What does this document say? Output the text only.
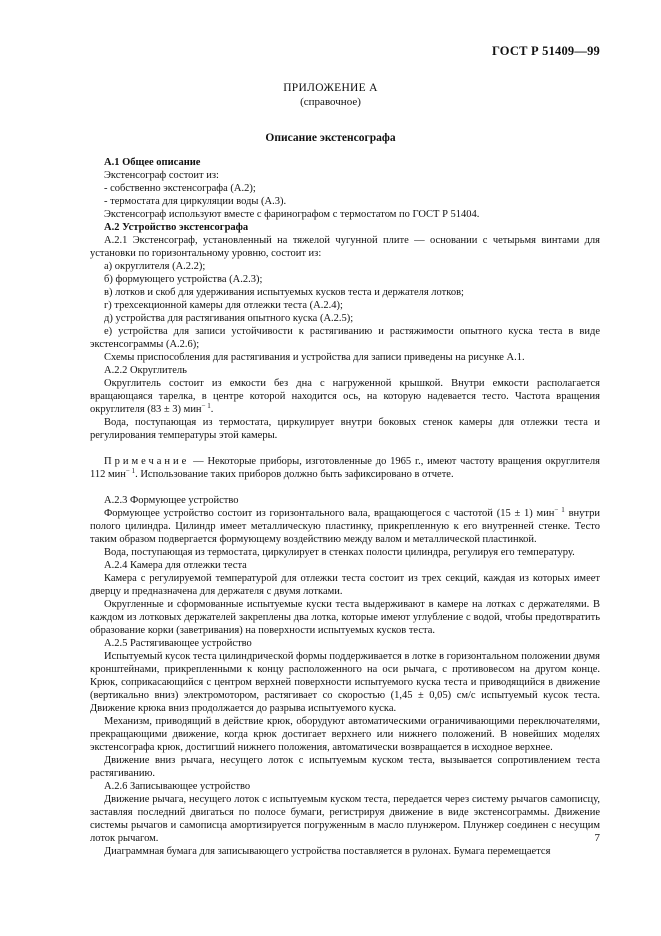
ГОСТ Р 51409—99
ПРИЛОЖЕНИЕ А
(справочное)
Описание экстенсографа

А.1 Общее описание

Экстенсограф состоит из:

- собственно экстенсографа (А.2);

- термостата для циркуляции воды (А.3).

Экстенсограф используют вместе с фаринографом с термостатом по ГОСТ Р 51404.

А.2 Устройство экстенсографа

А.2.1 Экстенсограф, установленный на тяжелой чугунной плите — основании с четырьмя винтами для установки по горизонтальному уровню, состоит из:

а) округлителя (А.2.2);

б) формующего устройства (А.2.3);

в) лотков и скоб для удерживания испытуемых кусков теста и держателя лотков;

г) трехсекционной камеры для отлежки теста (А.2.4);

д) устройства для растягивания опытного куска (А.2.5);

е) устройства для записи устойчивости к растягиванию и растяжимости опытного куска теста в виде экстенсограммы (А.2.6);

Схемы приспособления для растягивания и устройства для записи приведены на рисунке А.1.

А.2.2 Округлитель

Округлитель состоит из емкости без дна с нагруженной крышкой. Внутри емкости располагается вращающаяся тарелка, в центре которой находится ось, на которую надевается тесто. Частота вращения округлителя (83 ± 3) мин$^{- 1}$.

Вода, поступающая из термостата, циркулирует внутри боковых стенок камеры для отлежки теста и регулирования температуры этой камеры.

Примечание — Некоторые приборы, изготовленные до 1965 г., имеют частоту вращения округлителя 112 мин$^{- 1}$. Использование таких приборов должно быть зафиксировано в отчете.

А.2.3 Формующее устройство

Формующее устройство состоит из горизонтального вала, вращающегося с частотой (15 ± 1) мин$^{- 1}$ внутри полого цилиндра. Цилиндр имеет металлическую пластинку, прикрепленную к его внутренней стенке. Тесто таким образом подвергается формующему воздействию между валом и металлической пластинкой.

Вода, поступающая из термостата, циркулирует в стенках полости цилиндра, регулируя его температуру.

А.2.4 Камера для отлежки теста

Камера с регулируемой температурой для отлежки теста состоит из трех секций, каждая из которых имеет дверцу и предназначена для держателя с двумя лотками.

Округленные и сформованные испытуемые куски теста выдерживают в камере на лотках с держателями. В каждом из лотковых держателей закреплены два лотка, которые имеют углубление с водой, чтобы предотвратить образование корки (заветривания) на поверхности испытуемых кусков теста.

А.2.5 Растягивающее устройство

Испытуемый кусок теста цилиндрической формы поддерживается в лотке в горизонтальном положении двумя кронштейнами, прикрепленными к концу расположенного на оси рычага, с противовесом на другом конце. Крюк, соприкасающийся с центром верхней поверхности испытуемого куска теста и приводящийся в движение (вертикально вниз) электромотором, растягивает со скоростью (1,45 ± 0,05) см/с испытуемый кусок теста. Движение крюка вниз продолжается до разрыва испытуемого куска.

Механизм, приводящий в действие крюк, оборудуют автоматическими ограничивающими переключателями, прекращающими движение, когда крюк достигает верхнего или нижнего положений. В новейших моделях экстенсографа крюк, достигший нижнего положения, автоматически возвращается в исходное верхнее.

Движение вниз рычага, несущего лоток с испытуемым куском теста, вызывается сопротивлением теста растягиванию.

А.2.6 Записывающее устройство

Движение рычага, несущего лоток с испытуемым куском теста, передается через систему рычагов самописцу, заставляя последний двигаться по полосе бумаги, регистрируя движение в виде экстенсограммы. Движение системы рычагов и самописца амортизируется погруженным в масло плунжером. Плунжер соединен с несущим лоток рычагом.

Диаграммная бумага для записывающего устройства поставляется в рулонах. Бумага перемещается

7
